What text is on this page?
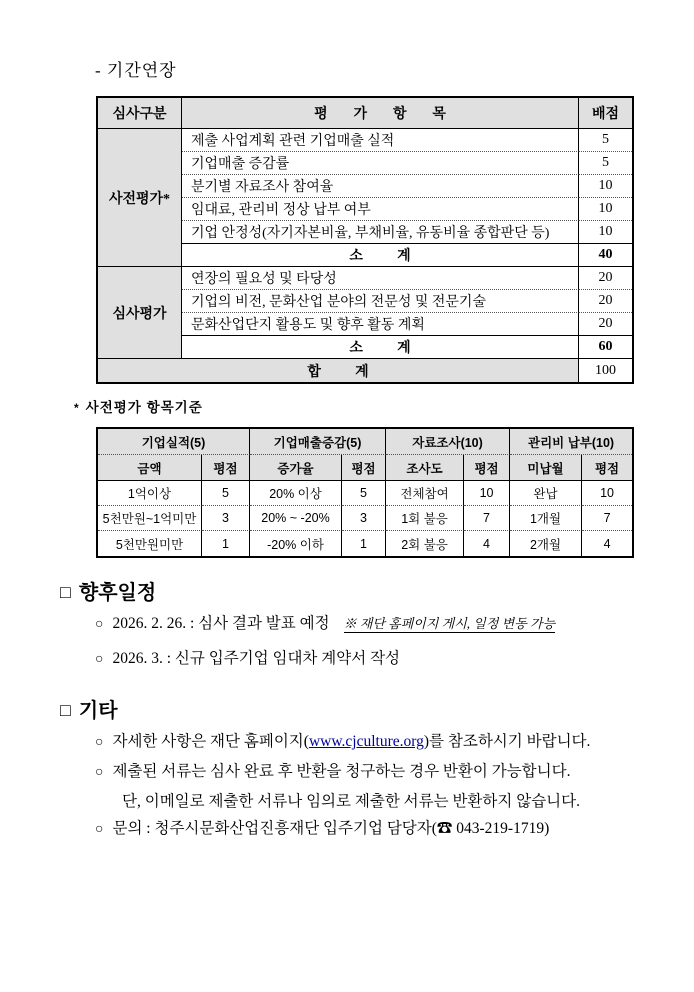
- 기간연장
심사구분	평 가 항 목	배점
사전평가*	제출 사업계획 관련 기업매출 실적	5
	기업매출 증감률	5
	분기별 자료조사 참여율	10
	임대료, 관리비 정상 납부 여부	10
	기업 안정성(자기자본비율, 부채비율, 유동비율 종합판단 등)	10
	소 계	40
심사평가	연장의 필요성 및 타당성	20
	기업의 비전, 문화산업 분야의 전문성 및 전문기술	20
	문화산업단지 활용도 및 향후 활동 계획	20
	소 계	60
합 계		100
* 사전평가 항목기준
기업실적(5)		기업매출증감(5)		자료조사(10)		관리비 납부(10)	
금액	평점	증가율	평점	조사도	평점	미납월	평점
1억이상	5	20% 이상	5	전체참여	10	완납	10
5천만원~1억미만	3	20% ~ -20%	3	1회 불응	7	1개월	7
5천만원미만	1	-20% 이하	1	2회 불응	4	2개월	4
□ 향후일정
○ 2026. 2. 26. : 심사 결과 발표 예정 ※ 재단 홈페이지 게시, 일정 변동 가능
○ 2026. 3. : 신규 입주기업 임대차 계약서 작성
□ 기타
○ 자세한 사항은 재단 홈페이지(www.cjculture.org)를 참조하시기 바랍니다.
○ 제출된 서류는 심사 완료 후 반환을 청구하는 경우 반환이 가능합니다.
단, 이메일로 제출한 서류나 임의로 제출한 서류는 반환하지 않습니다.
○ 문의 : 청주시문화산업진흥재단 입주기업 담당자(☎ 043-219-1719)
